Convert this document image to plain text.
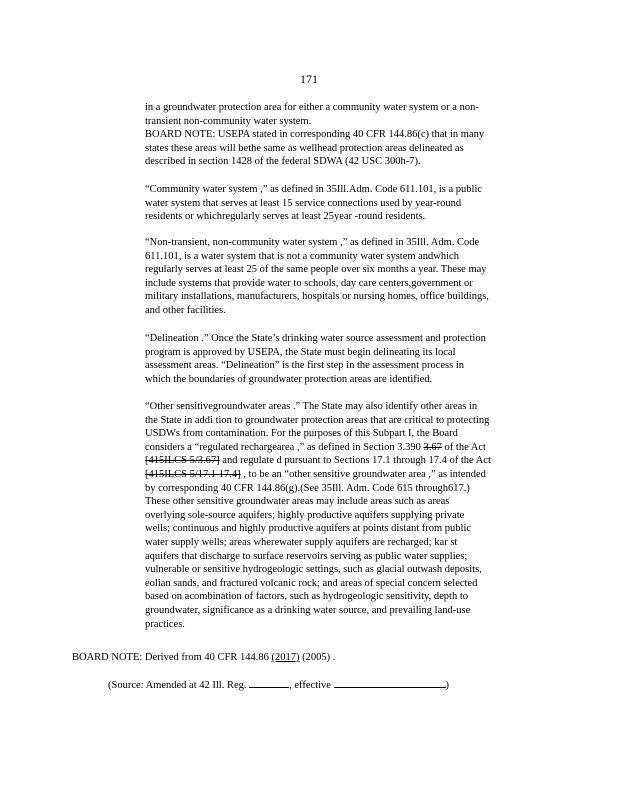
171
in a groundwater protection area for either a community water system or a non-
transient non-community water system.
BOARD NOTE: USEPA stated in corresponding 40 CFR 144.86(c) that in many
states these areas will bethe same as wellhead protection areas delineated as
described in section 1428 of the federal SDWA (42 USC 300h-7).
“Community water system ,” as defined in 35Ill.Adm. Code 611.101, is a public
water system that serves at least 15 service connections used by year-round
residents or whichregularly serves at least 25year -round residents.
“Non-transient, non-community water system ,” as defined in 35Ill. Adm. Code
611.101, is a water system that is not a community water system andwhich
regularly serves at least 25 of the same people over six months a year. These may
include systems that provide water to schools, day care centers,government or
military installations, manufacturers, hospitals or nursing homes, office buildings,
and other facilities.
“Delineation .” Once the State’s drinking water source assessment and protection
program is approved by USEPA, the State must begin delineating its local
assessment areas. “Delineation” is the first step in the assessment process in
which the boundaries of groundwater protection areas are identified.
“Other sensitivegroundwater areas .” The State may also identify other areas in
the State in addi tion to groundwater protection areas that are critical to protecting
USDWs from contamination. For the purposes of this Subpart I, the Board
considers a “regulated rechargearea ,” as defined in Section 3.390 3.67 of the Act
[415ILCS 5/3.67] and regulate d pursuant to Sections 17.1 through 17.4 of the Act
[415ILCS 5/17.1 17.4] , to be an “other sensitive groundwater area ,” as intended
by corresponding 40 CFR 144.86(g).(See 35Ill. Adm. Code 615 through617.)
These other sensitive groundwater areas may include areas such as areas
overlying sole-source aquifers; highly productive aquifers supplying private
wells; continuous and highly productive aquifers at points distant from public
water supply wells; areas wherewater supply aquifers are recharged; kar st
aquifers that discharge to surface reservoirs serving as public water supplies;
vulnerable or sensitive hydrogeologic settings, such as glacial outwash deposits,
eolian sands, and fractured volcanic rock; and areas of special concern selected
based on acombination of factors, such as hydrogeologic sensitivity, depth to
groundwater, significance as a drinking water source, and prevailing land-use
practices.
BOARD NOTE: Derived from 40 CFR 144.86 (2017) (2005) .
(Source: Amended at 42 Ill. Reg.	, effective	)
